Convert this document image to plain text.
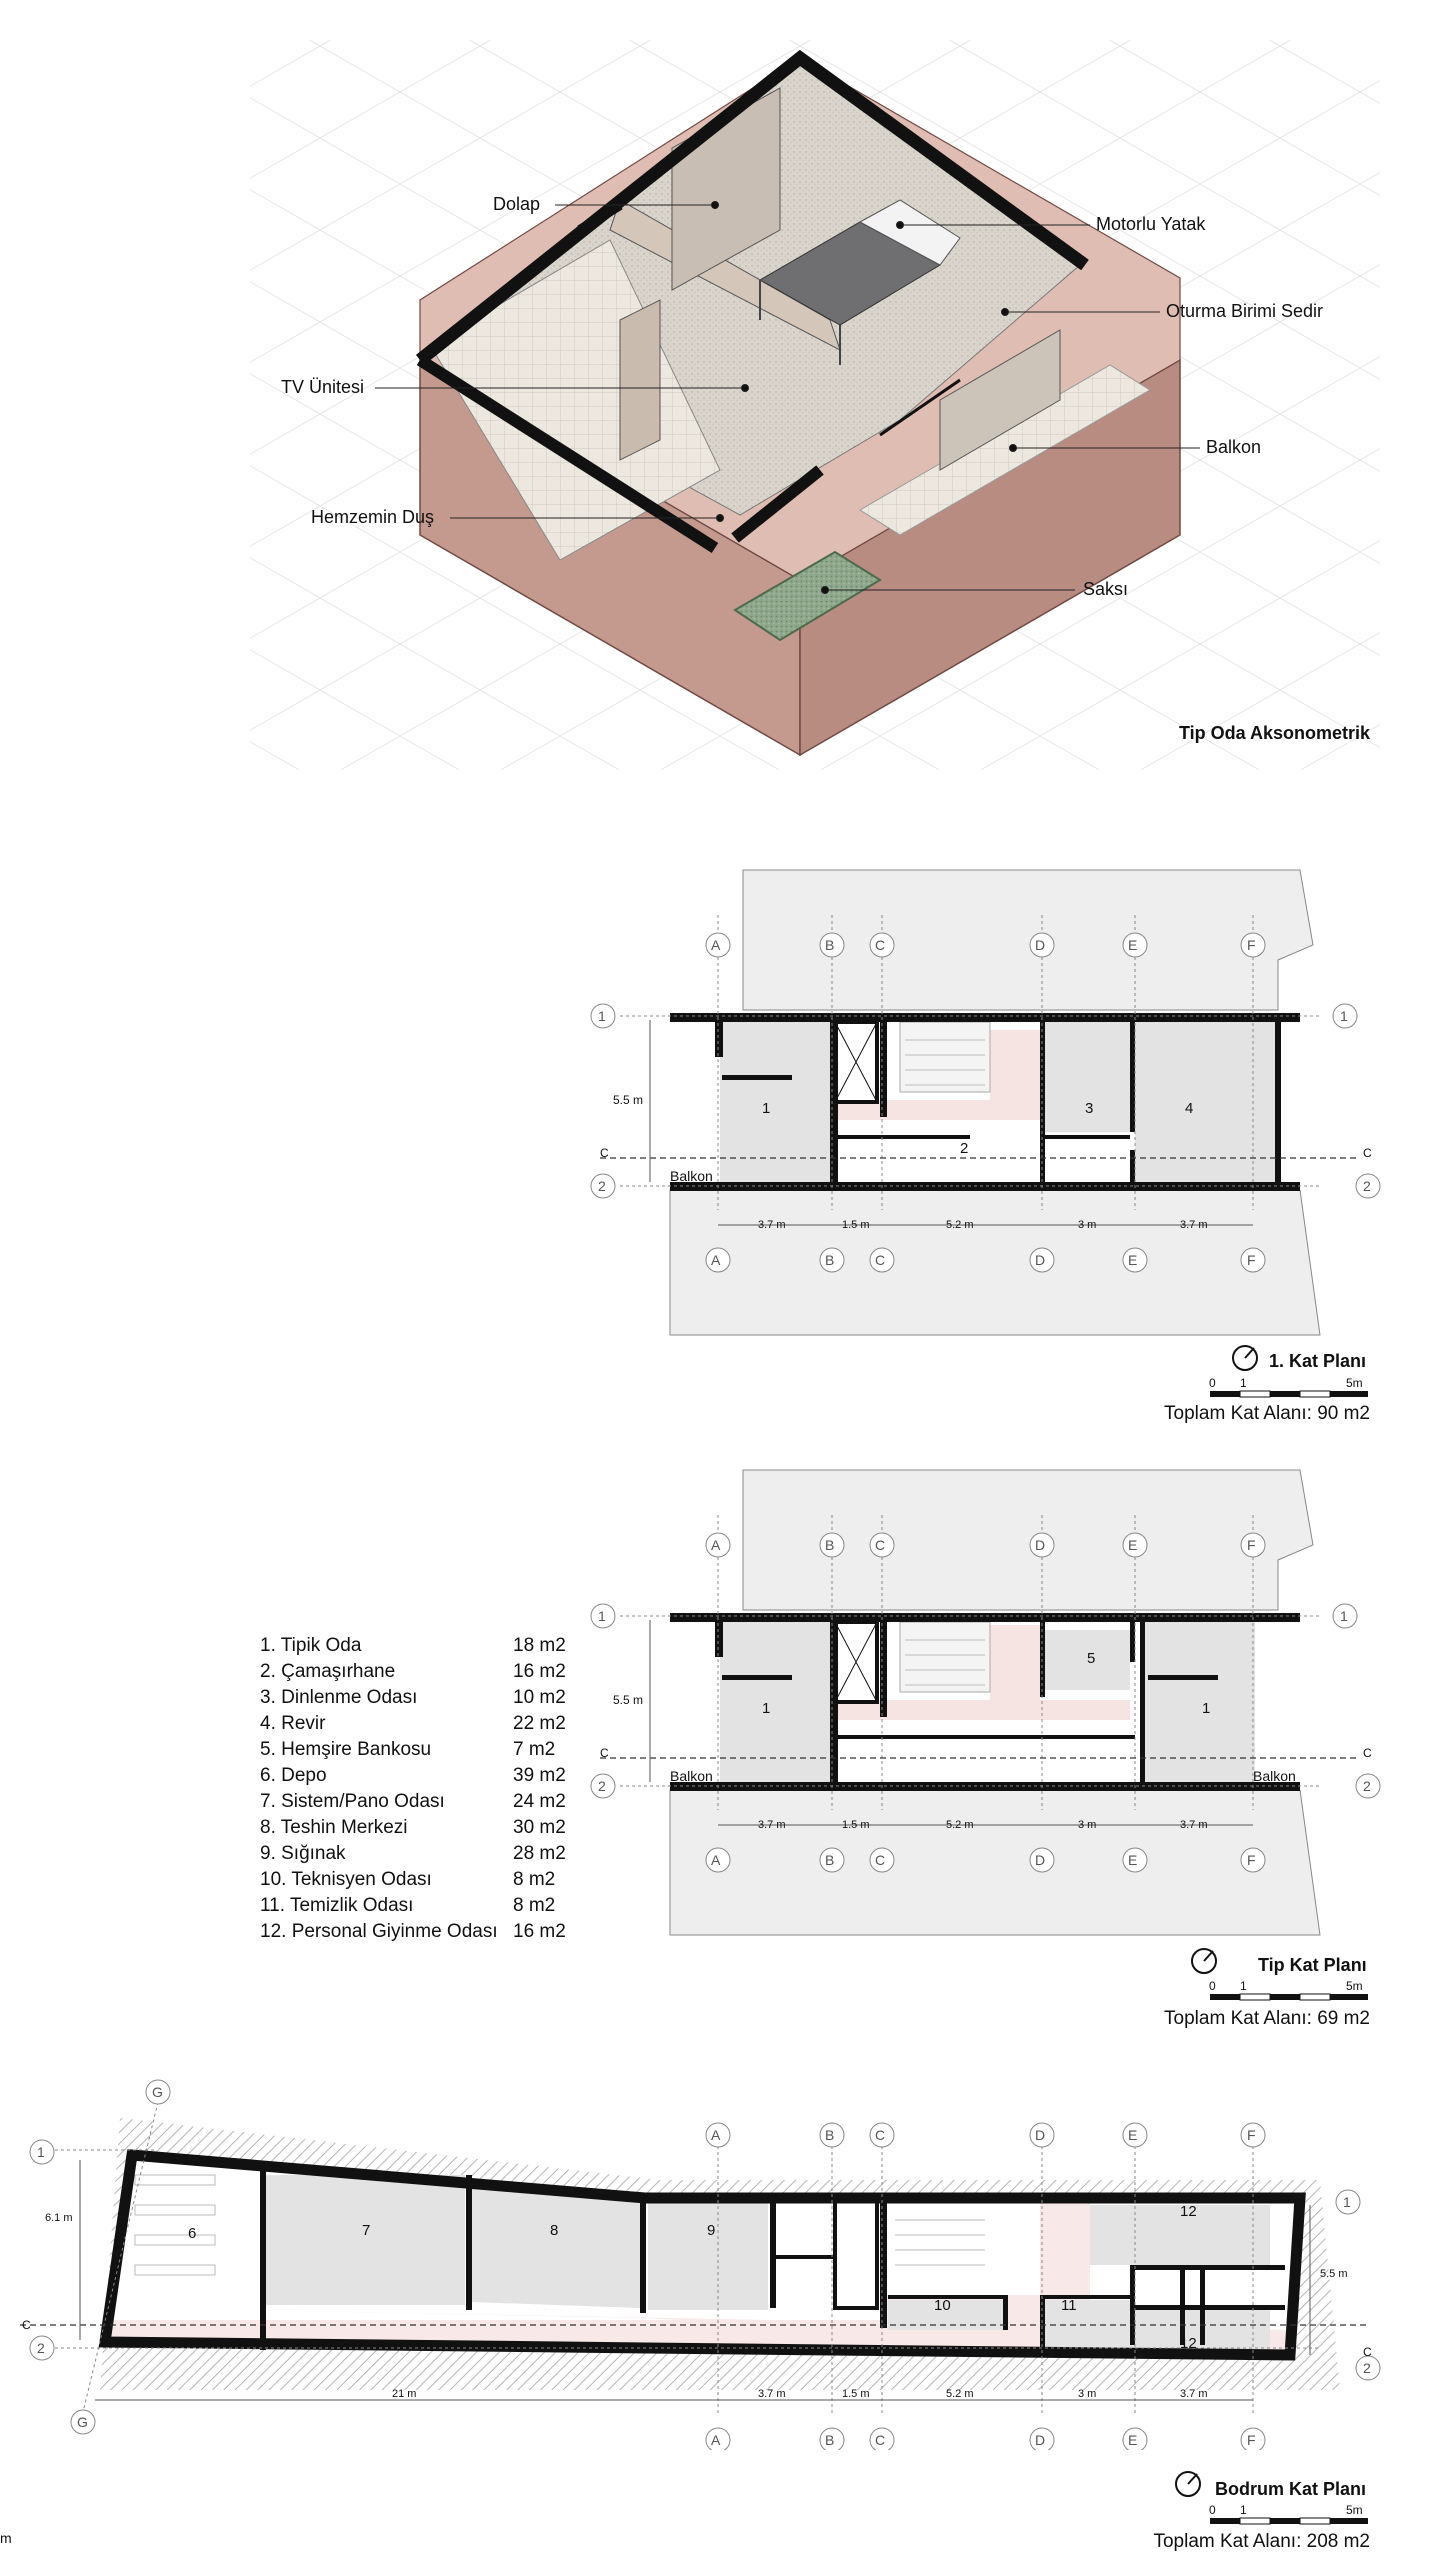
Dolap
Motorlu Yatak
Oturma Birimi Sedir
TV Ünitesi
Balkon
Hemzemin Duş
Saksı
Tip Oda Aksonometrik
A	B	C	D	E	F
A	B	C	D	E	F
1
2
1
2
C	C
5.5 m
Balkon
3.7 m	1.5 m	5.2 m	3 m	3.7 m
1
2
3	4
1. Kat Planı
0 1	5m
Toplam Kat Alanı: 90 m2
A	B	C	D	E	F
A	B	C	D	E	F
1
2
1
2
C	C
5.5 m
Balkon	Balkon
3.7 m	1.5 m	5.2 m	3 m	3.7 m
5
1	1
Tip Kat Planı
0 1	5m
Toplam Kat Alanı: 69 m2
1. Tipik Oda	18 m2
2. Çamaşırhane	16 m2
3. Dinlenme Odası	10 m2
4. Revir	22 m2
5. Hemşire Bankosu	7 m2
6. Depo	39 m2
7. Sistem/Pano Odası	24 m2
8. Teshin Merkezi	30 m2
9. Sığınak	28 m2
10. Teknisyen Odası	8 m2
11. Temizlik Odası	8 m2
12. Personal Giyinme Odası 16 m2
G
G
1
2
1
2
C
C
A	B	C	D	E	F
A	B	C	D	E	F
6.1 m
5.5 m
21 m	3.7 m	1.5 m	5.2 m	3 m	3.7 m
6	7	8	9
10	11
12
12
Bodrum Kat Planı
0 1	5m
Toplam Kat Alanı: 208 m2
m
